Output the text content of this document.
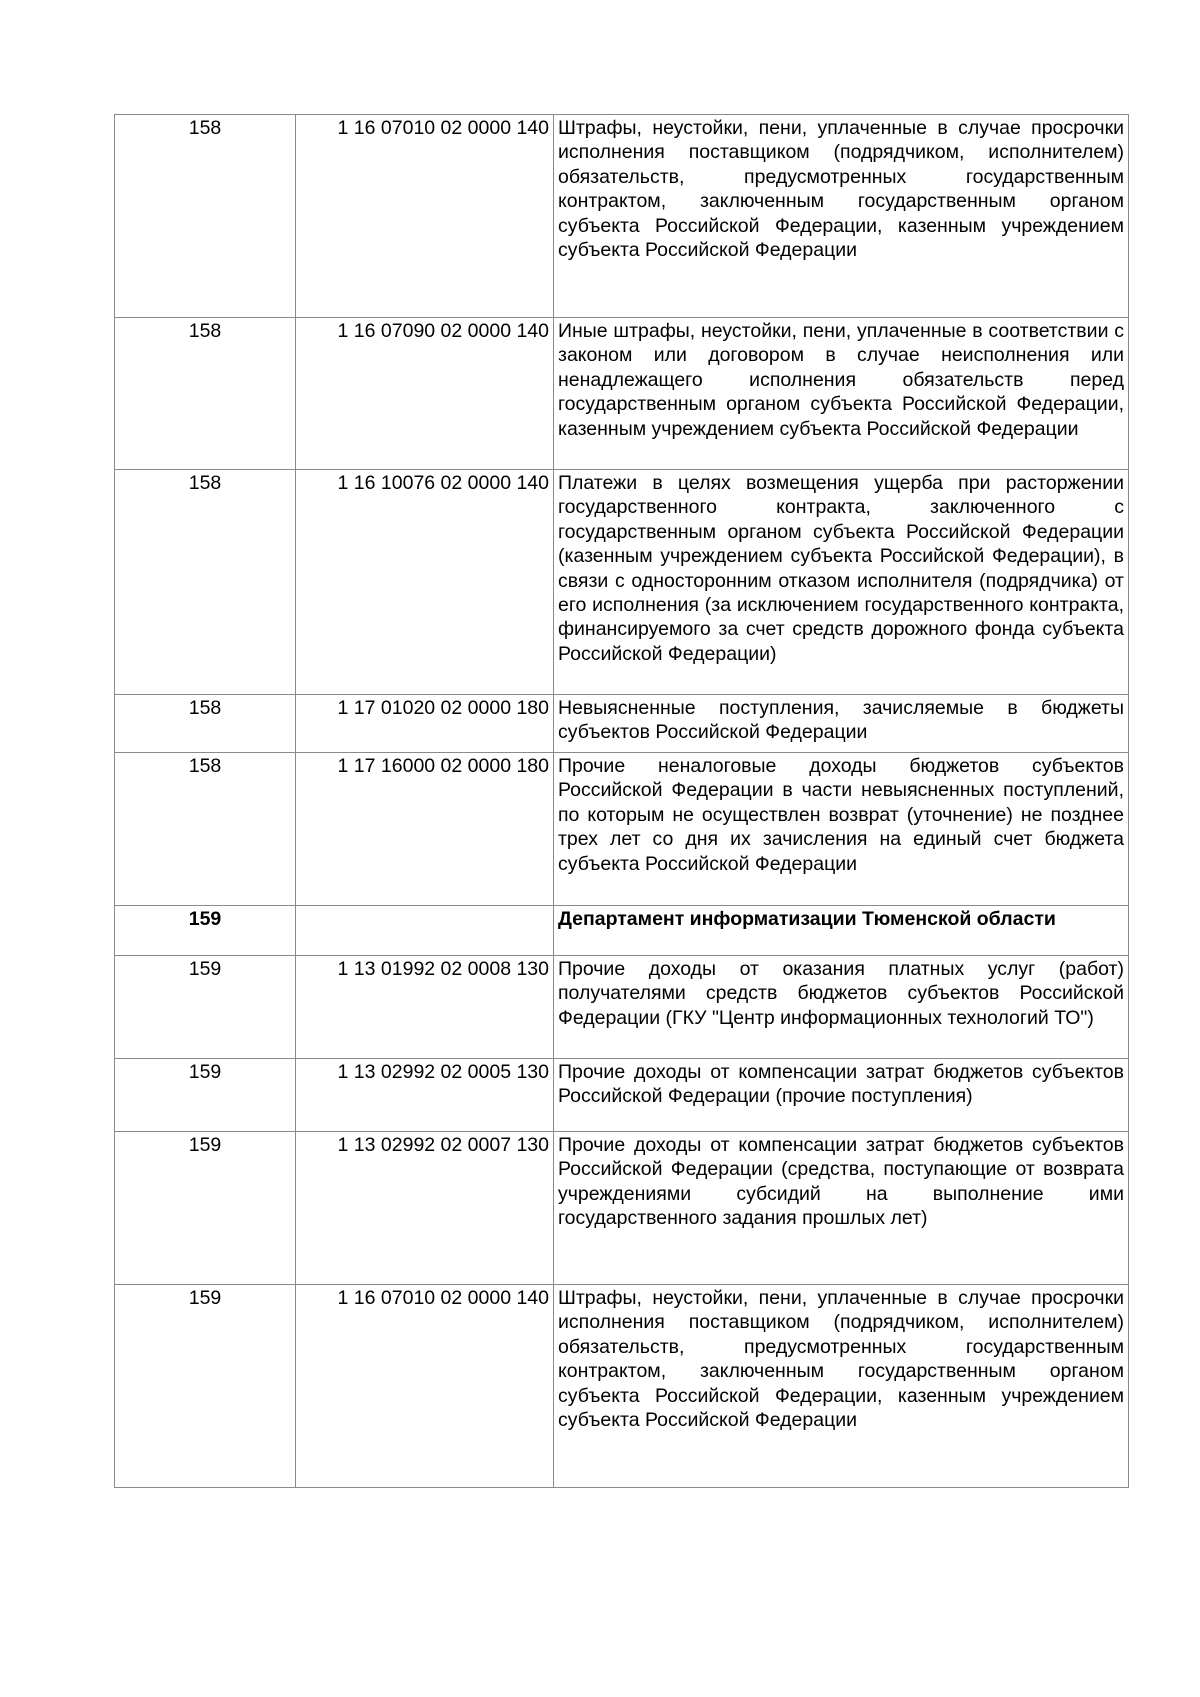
158	1 16 07010 02 0000 140	Штрафы, неустойки, пени, уплаченные в случае просрочки исполнения поставщиком (подрядчиком, исполнителем) обязательств, предусмотренных государственным контрактом, заключенным государственным органом субъекта Российской Федерации, казенным учреждением субъекта Российской Федерации
158	1 16 07090 02 0000 140	Иные штрафы, неустойки, пени, уплаченные в соответствии с законом или договором в случае неисполнения или ненадлежащего исполнения обязательств перед государственным органом субъекта Российской Федерации, казенным учреждением субъекта Российской Федерации
158	1 16 10076 02 0000 140	Платежи в целях возмещения ущерба при расторжении государственного контракта, заключенного с государственным органом субъекта Российской Федерации (казенным учреждением субъекта Российской Федерации), в связи с односторонним отказом исполнителя (подрядчика) от его исполнения (за исключением государственного контракта, финансируемого за счет средств дорожного фонда субъекта Российской Федерации)
158	1 17 01020 02 0000 180	Невыясненные поступления, зачисляемые в бюджеты субъектов Российской Федерации
158	1 17 16000 02 0000 180	Прочие неналоговые доходы бюджетов субъектов Российской Федерации в части невыясненных поступлений, по которым не осуществлен возврат (уточнение) не позднее трех лет со дня их зачисления на единый счет бюджета субъекта Российской Федерации
159		Департамент информатизации Тюменской области
159	1 13 01992 02 0008 130	Прочие доходы от оказания платных услуг (работ) получателями средств бюджетов субъектов Российской Федерации (ГКУ "Центр информационных технологий ТО")
159	1 13 02992 02 0005 130	Прочие доходы от компенсации затрат бюджетов субъектов Российской Федерации (прочие поступления)
159	1 13 02992 02 0007 130	Прочие доходы от компенсации затрат бюджетов субъектов Российской Федерации (средства, поступающие от возврата учреждениями субсидий на выполнение ими государственного задания прошлых лет)
159	1 16 07010 02 0000 140	Штрафы, неустойки, пени, уплаченные в случае просрочки исполнения поставщиком (подрядчиком, исполнителем) обязательств, предусмотренных государственным контрактом, заключенным государственным органом субъекта Российской Федерации, казенным учреждением субъекта Российской Федерации
